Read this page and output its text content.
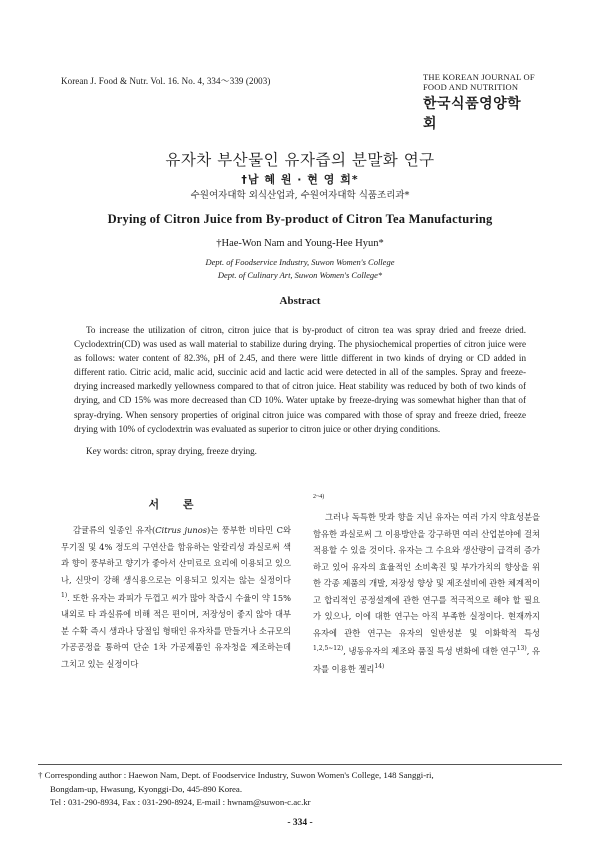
Korean J. Food & Nutr. Vol. 16. No. 4, 334～339 (2003)	THE KOREAN JOURNAL OF
FOOD AND NUTRITION
한국식품영양학회
유자차 부산물인 유자즙의 분말화 연구
†남 혜 원 · 현 영 희*
수원여자대학 외식산업과, 수원여자대학 식품조리과*
Drying of Citron Juice from By-product of Citron Tea Manufacturing
†Hae-Won Nam and Young-Hee Hyun*
Dept. of Foodservice Industry, Suwon Women's College
Dept. of Culinary Art, Suwon Women's College*
Abstract

To increase the utilization of citron, citron juice that is by-product of citron tea was spray dried and freeze dried. Cyclodextrin(CD) was used as wall material to stabilize during drying. The physiochemical properties of citron juice were as follows: water content of 82.3%, pH of 2.45, and there were little different in two kinds of drying or CD added in different ratio. Citric acid, malic acid, succinic acid and lactic acid were detected in all of the samples. Spray and freeze-drying increased markedly yellowness compared to that of citron juice. Heat stability was reduced by both of two kinds of drying, and CD 15% was more decreased than CD 10%. Water uptake by freeze-drying was somewhat higher than that of spray-drying. When sensory properties of original citron juice was compared with those of spray and freeze dried, freeze drying with 10% of cyclodextrin was evaluated as superior to citron juice or other drying conditions.

Key words: citron, spray drying, freeze drying.
서 론

감귤류의 일종인 유자(Citrus junos)는 풍부한 비타민 C와 무기질 및 4% 정도의 구연산을 함유하는 알칼리성 과실로써 색과 향이 풍부하고 향기가 좋아서 산미료로 요리에 이용되고 있으나, 신맛이 강해 생식용으로는 이용되고 있지는 않는 실정이다$^{1)}$. 또한 유자는 과피가 두껍고 씨가 많아 착즙시 수율이 약 15% 내외로 타 과실류에 비해 적은 편이며, 저장성이 좋지 않아 대부분 수확 즉시 생과나 당절임 형태인 유자차를 만들거나 소규모의 가공공정을 통하여 단순 1차 가공제품인 유자청을 제조하는데 그치고 있는 실정이다

2~4)

그러나 독특한 맛과 향을 지닌 유자는 여러 가지 약효성분을 함유한 과실로써 그 이용방안을 강구하면 여러 산업분야에 걸쳐 적용할 수 있을 것이다. 유자는 그 수요와 생산량이 급격히 증가하고 있어 유자의 효율적인 소비촉진 및 부가가치의 향상을 위한 각종 제품의 개발, 저장성 향상 및 제조설비에 관한 체계적이고 합리적인 공정설계에 관한 연구를 적극적으로 해야 할 필요가 있으나, 이에 대한 연구는 아직 부족한 실정이다. 현재까지 유자에 관한 연구는 유자의 일반성분 및 이화학적 특성$^{1,2,5\sim 12)}$, 냉동유자의 제조와 품질 특성 변화에 대한 연구$^{13)}$, 유자를 이용한 젤리$^{14)}$

† Corresponding author : Haewon Nam, Dept. of Foodservice Industry, Suwon Women's College, 148 Sanggi-ri,
Bongdam-up, Hwasung, Kyonggi-Do, 445-890 Korea.
Tel : 031-290-8934, Fax : 031-290-8924, E-mail : hwnam@suwon-c.ac.kr
- 334 -
